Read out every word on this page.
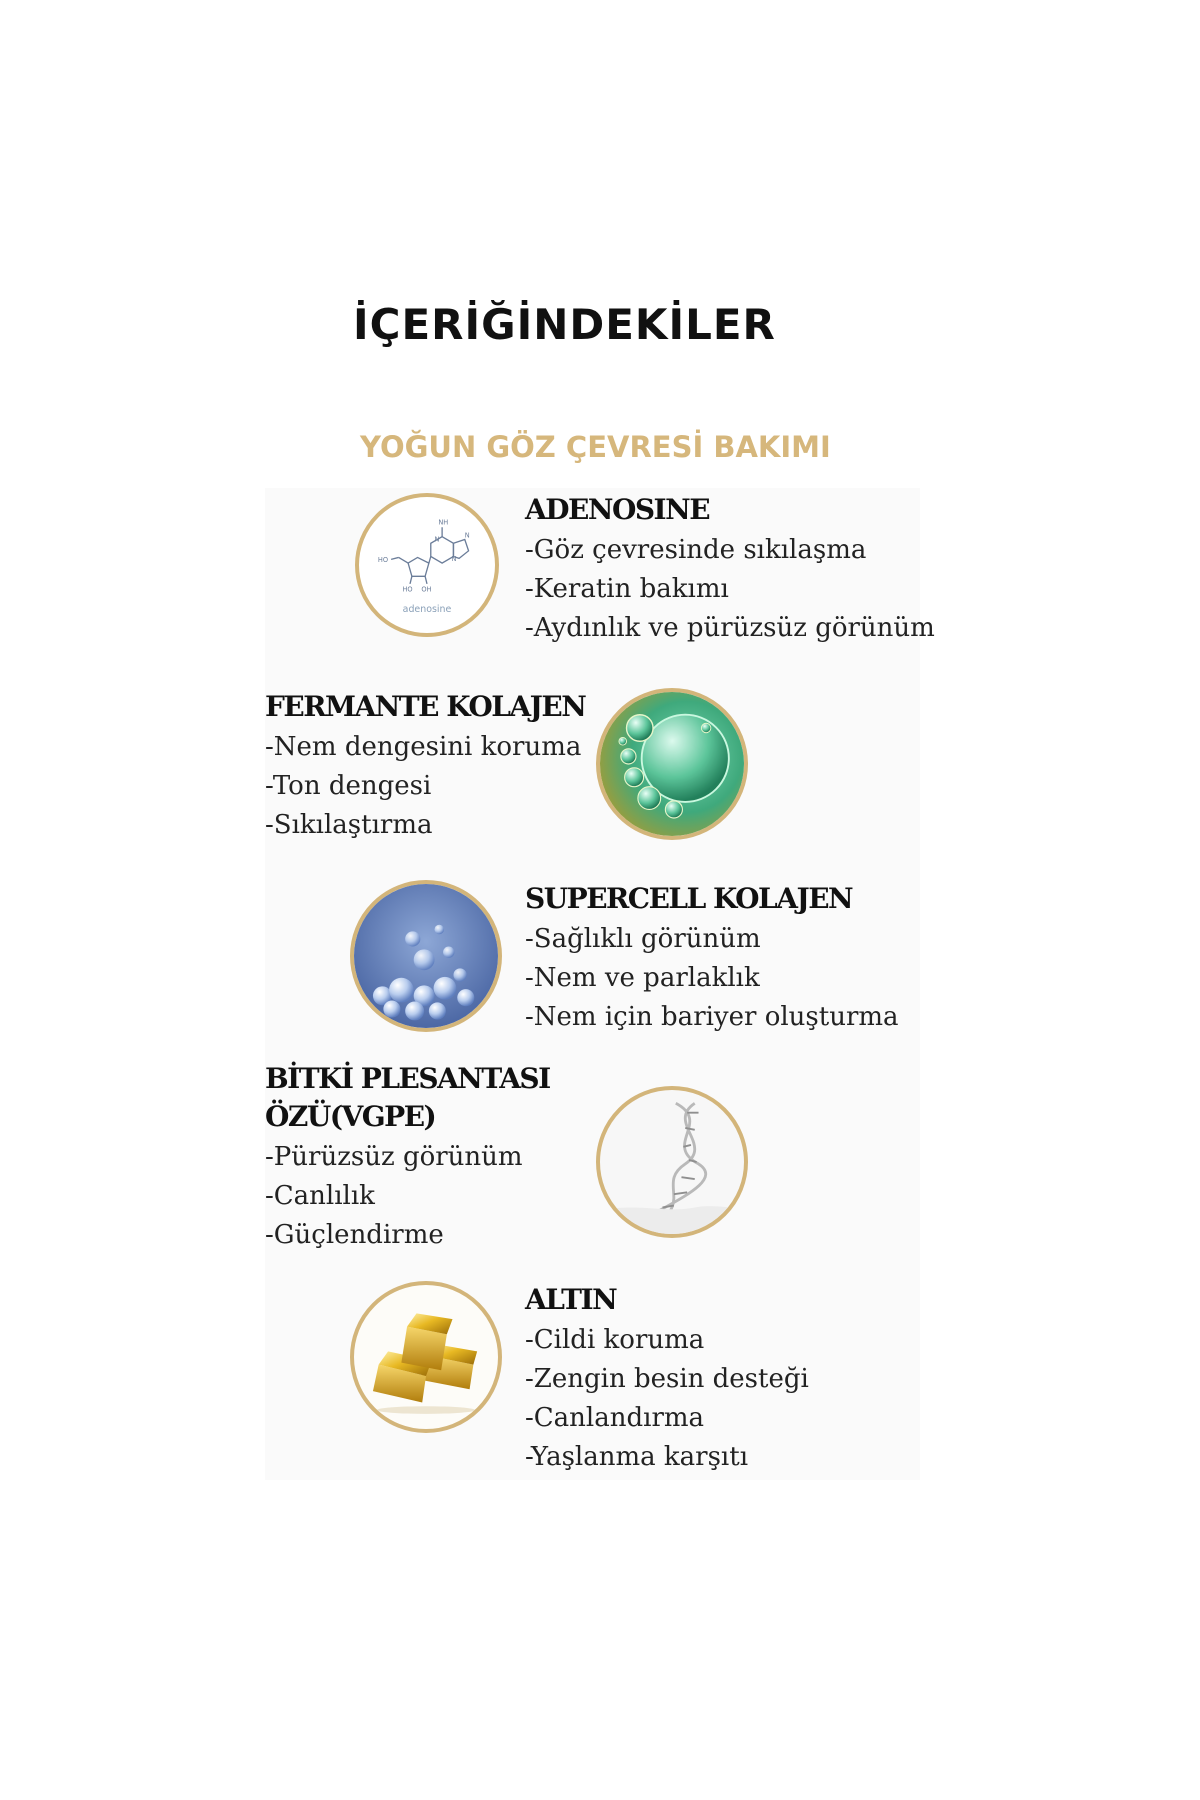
İÇERİĞİNDEKİLER
YOĞUN GÖZ ÇEVRESİ BAKIMI
NH
HO
HO OH
N
N
N
adenosine

ADENOSINE

-Göz çevresinde sıkılaşma

-Keratin bakımı

-Aydınlık ve pürüzsüz görünüm

FERMANTE KOLAJEN

-Nem dengesini koruma

-Ton dengesi

-Sıkılaştırma

SUPERCELL KOLAJEN

-Sağlıklı görünüm

-Nem ve parlaklık

-Nem için bariyer oluşturma

BİTKİ PLESANTASI
ÖZÜ(VGPE)

-Pürüzsüz görünüm

-Canlılık

-Güçlendirme

ALTIN

-Cildi koruma

-Zengin besin desteği

-Canlandırma

-Yaşlanma karşıtı
